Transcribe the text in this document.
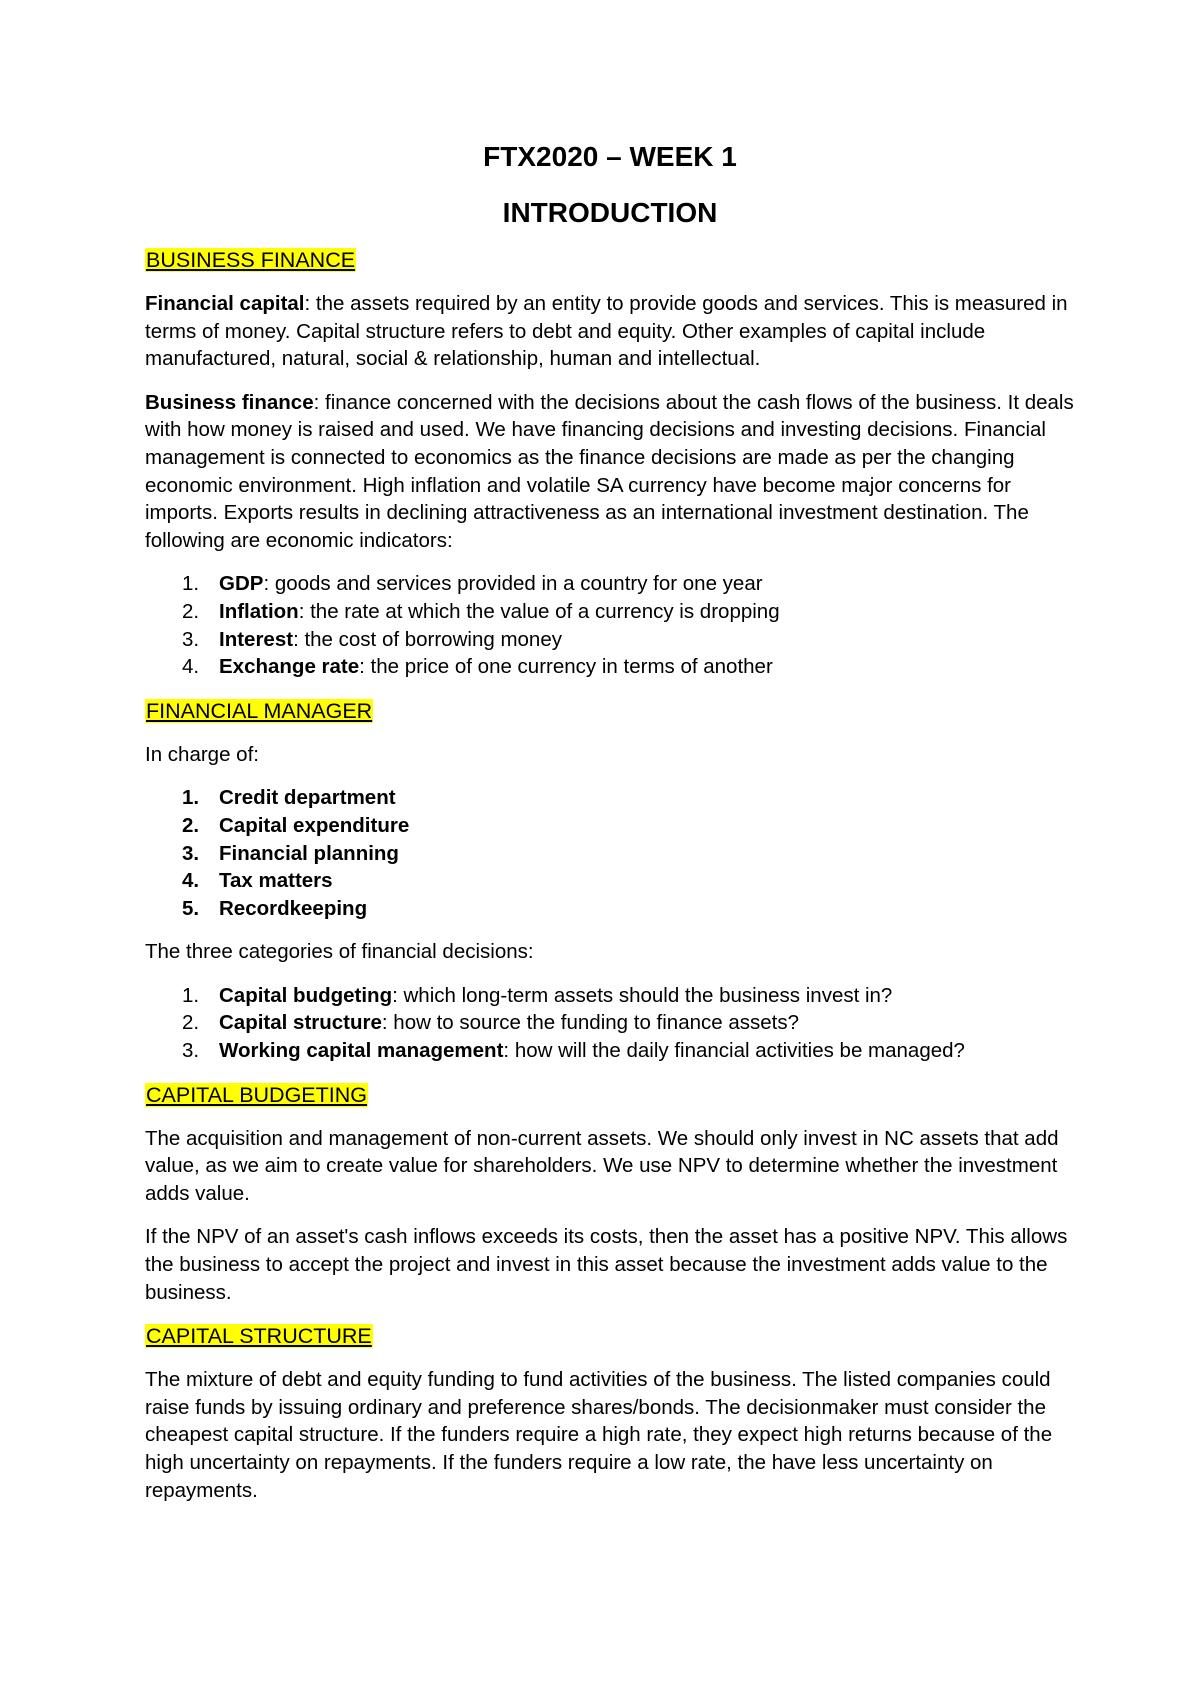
FTX2020 – WEEK 1
INTRODUCTION
BUSINESS FINANCE

Financial capital: the assets required by an entity to provide goods and services. This is measured in terms of money. Capital structure refers to debt and equity. Other examples of capital include manufactured, natural, social & relationship, human and intellectual.

Business finance: finance concerned with the decisions about the cash flows of the business. It deals with how money is raised and used. We have financing decisions and investing decisions. Financial management is connected to economics as the finance decisions are made as per the changing economic environment. High inflation and volatile SA currency have become major concerns for imports. Exports results in declining attractiveness as an international investment destination. The following are economic indicators:

1. GDP: goods and services provided in a country for one year
2. Inflation: the rate at which the value of a currency is dropping
3. Interest: the cost of borrowing money
4. Exchange rate: the price of one currency in terms of another
FINANCIAL MANAGER

In charge of:

1. Credit department
2. Capital expenditure
3. Financial planning
4. Tax matters
5. Recordkeeping

The three categories of financial decisions:

1. Capital budgeting: which long-term assets should the business invest in?
2. Capital structure: how to source the funding to finance assets?
3. Working capital management: how will the daily financial activities be managed?
CAPITAL BUDGETING

The acquisition and management of non-current assets. We should only invest in NC assets that add value, as we aim to create value for shareholders. We use NPV to determine whether the investment adds value.

If the NPV of an asset's cash inflows exceeds its costs, then the asset has a positive NPV. This allows the business to accept the project and invest in this asset because the investment adds value to the business.

CAPITAL STRUCTURE

The mixture of debt and equity funding to fund activities of the business. The listed companies could raise funds by issuing ordinary and preference shares/bonds. The decisionmaker must consider the cheapest capital structure. If the funders require a high rate, they expect high returns because of the high uncertainty on repayments. If the funders require a low rate, the have less uncertainty on repayments.
